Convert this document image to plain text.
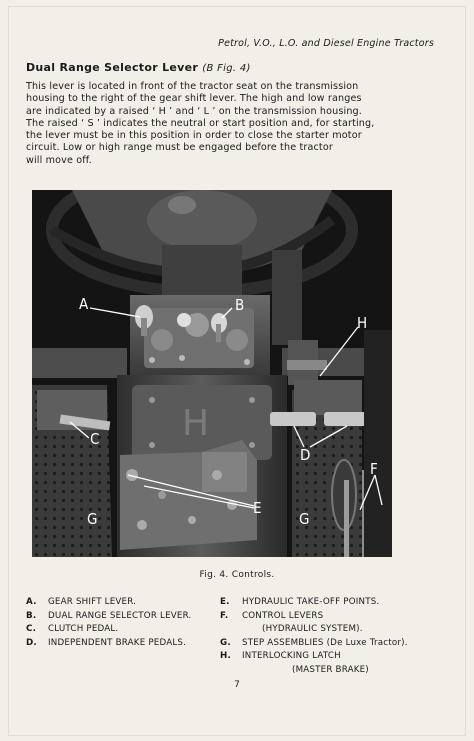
Petrol, V.O., L.O. and Diesel Engine Tractors
Dual Range Selector Lever (B Fig. 4)
This lever is located in front of the tractor seat on the transmission
housing to the right of the gear shift lever. The high and low ranges
are indicated by a raised ‘ H ’ and ‘ L ’ on the transmission housing.
The raised ‘ S ’ indicates the neutral or start position and, for starting,
the lever must be in this position in order to close the starter motor
circuit. Low or high range must be engaged before the tractor
will move off.
H
A	B
H
C
D
F
G
E
G
Fig. 4. Controls.
A.	GEAR SHIFT LEVER.
B.	DUAL RANGE SELECTOR LEVER.
C.	CLUTCH PEDAL.
D.	INDEPENDENT BRAKE PEDALS.
E.	HYDRAULIC TAKE-OFF POINTS.
F.	CONTROL LEVERS
(HYDRAULIC SYSTEM).
G.	STEP ASSEMBLIES (De Luxe Tractor).
H.	INTERLOCKING LATCH
(MASTER BRAKE)
7
